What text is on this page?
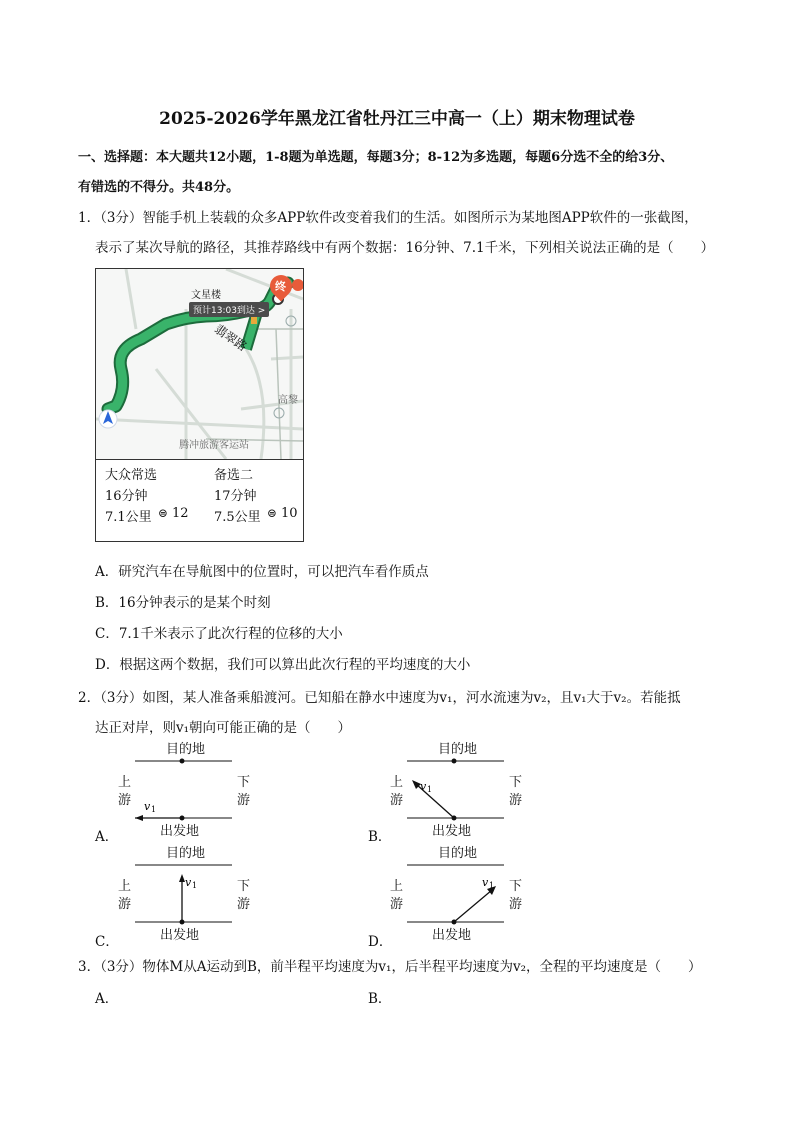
2025-2026学年黑龙江省牡丹江三中高一（上）期末物理试卷
一、选择题：本大题共12小题，1-8题为单选题，每题3分；8-12为多选题，每题6分选不全的给3分、
有错选的不得分。共48分。
1．（3分）智能手机上装载的众多APP软件改变着我们的生活。如图所示为某地图APP软件的一张截图，
表示了某次导航的路径，其推荐路线中有两个数据：16分钟、7.1千米，下列相关说法正确的是（　　）
文星楼
预计13:03到达 >
终
翡翠路
高黎
腾冲旅游客运站
大众常选
16分钟
7.1公里 ⊜ 12
备选二
17分钟
7.5公里 ⊜ 10
A．研究汽车在导航图中的位置时，可以把汽车看作质点
B．16分钟表示的是某个时刻
C．7.1千米表示了此次行程的位移的大小
D．根据这两个数据，我们可以算出此次行程的平均速度的大小
2．（3分）如图，某人准备乘船渡河。已知船在静水中速度为v₁，河水流速为v₂，且v₁大于v₂。若能抵
达正对岸，则v₁朝向可能正确的是（　　）
A．
目的地
上
游
下
游
v 1
出发地	B．
目的地
上
游
下
游
v 1
出发地
C．
目的地
上
游
下
游
v 1
出发地	D．
目的地
上
游
下
游
v 1
出发地
3．（3分）物体M从A运动到B，前半程平均速度为v₁，后半程平均速度为v₂，全程的平均速度是（　　）
A．	B．
